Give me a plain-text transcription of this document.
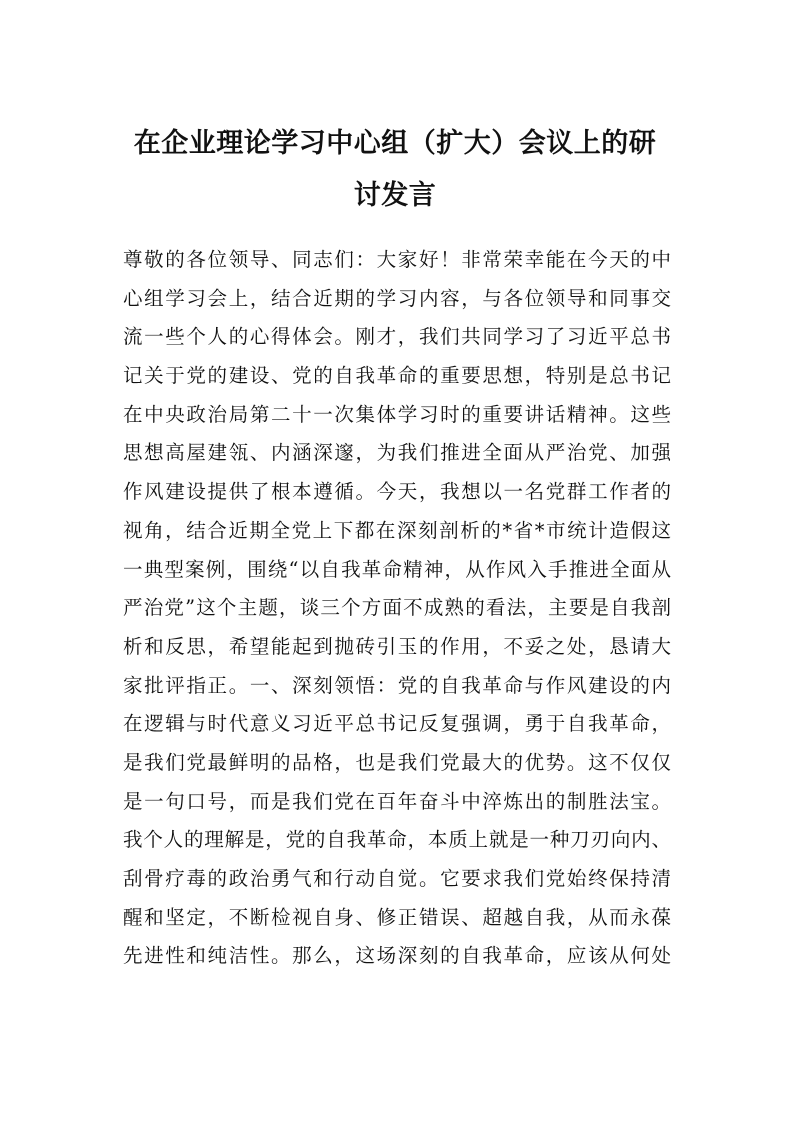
在企业理论学习中心组（扩大）会议上的研
讨发言
尊敬的各位领导、同志们：大家好！非常荣幸能在今天的中
心组学习会上，结合近期的学习内容，与各位领导和同事交
流一些个人的心得体会。刚才，我们共同学习了习近平总书
记关于党的建设、党的自我革命的重要思想，特别是总书记
在中央政治局第二十一次集体学习时的重要讲话精神。这些
思想高屋建瓴、内涵深邃，为我们推进全面从严治党、加强
作风建设提供了根本遵循。今天，我想以一名党群工作者的
视角，结合近期全党上下都在深刻剖析的*省*市统计造假这
一典型案例，围绕“以自我革命精神，从作风入手推进全面从
严治党”这个主题，谈三个方面不成熟的看法，主要是自我剖
析和反思，希望能起到抛砖引玉的作用，不妥之处，恳请大
家批评指正。一、深刻领悟：党的自我革命与作风建设的内
在逻辑与时代意义习近平总书记反复强调，勇于自我革命，
是我们党最鲜明的品格，也是我们党最大的优势。这不仅仅
是一句口号，而是我们党在百年奋斗中淬炼出的制胜法宝。
我个人的理解是，党的自我革命，本质上就是一种刀刃向内、
刮骨疗毒的政治勇气和行动自觉。它要求我们党始终保持清
醒和坚定，不断检视自身、修正错误、超越自我，从而永葆
先进性和纯洁性。那么，这场深刻的自我革命，应该从何处
